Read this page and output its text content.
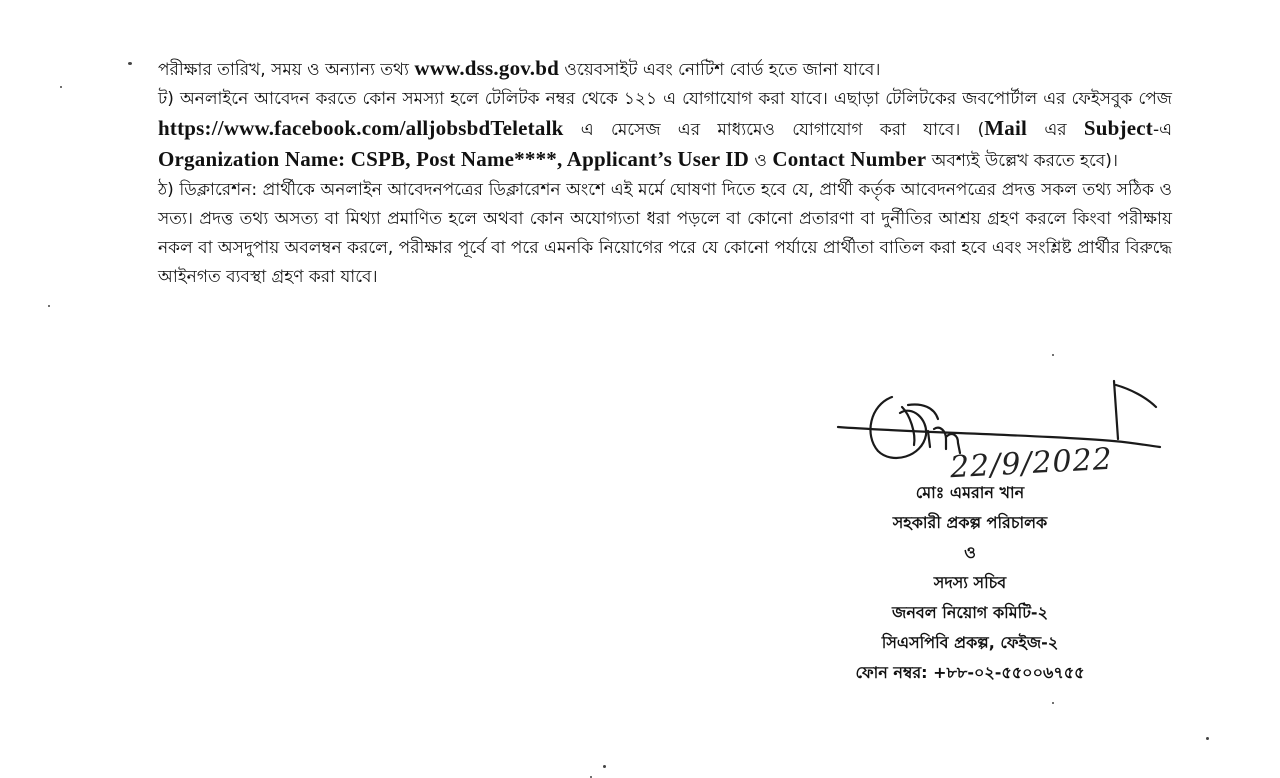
পরীক্ষার তারিখ, সময় ও অন্যান্য তথ্য www.dss.gov.bd ওয়েবসাইট এবং নোটিশ বোর্ড হতে জানা যাবে।

ট) অনলাইনে আবেদন করতে কোন সমস্যা হলে টেলিটক নম্বর থেকে ১২১ এ যোগাযোগ করা যাবে। এছাড়া টেলিটকের জবপোর্টাল এর ফেইসবুক পেজ https://www.facebook.com/alljobsbdTeletalk এ মেসেজ এর মাধ্যমেও যোগাযোগ করা যাবে। (Mail এর Subject-এ Organization Name: CSPB, Post Name****, Applicant’s User ID ও Contact Number অবশ্যই উল্লেখ করতে হবে)।

ঠ) ডিক্লারেশন: প্রার্থীকে অনলাইন আবেদনপত্রের ডিক্লারেশন অংশে এই মর্মে ঘোষণা দিতে হবে যে, প্রার্থী কর্তৃক আবেদনপত্রের প্রদত্ত সকল তথ্য সঠিক ও সত্য। প্রদত্ত তথ্য অসত্য বা মিথ্যা প্রমাণিত হলে অথবা কোন অযোগ্যতা ধরা পড়লে বা কোনো প্রতারণা বা দুর্নীতির আশ্রয় গ্রহণ করলে কিংবা পরীক্ষায় নকল বা অসদুপায় অবলম্বন করলে, পরীক্ষার পূর্বে বা পরে এমনকি নিয়োগের পরে যে কোনো পর্যায়ে প্রার্থীতা বাতিল করা হবে এবং সংশ্লিষ্ট প্রার্থীর বিরুদ্ধে আইনগত ব্যবস্থা গ্রহণ করা যাবে।

22/9/2022
মোঃ এমরান খান
সহকারী প্রকল্প পরিচালক
ও
সদস্য সচিব
জনবল নিয়োগ কমিটি-২
সিএসপিবি প্রকল্প, ফেইজ-২
ফোন নম্বর: +৮৮-০২-৫৫০০৬৭৫৫
